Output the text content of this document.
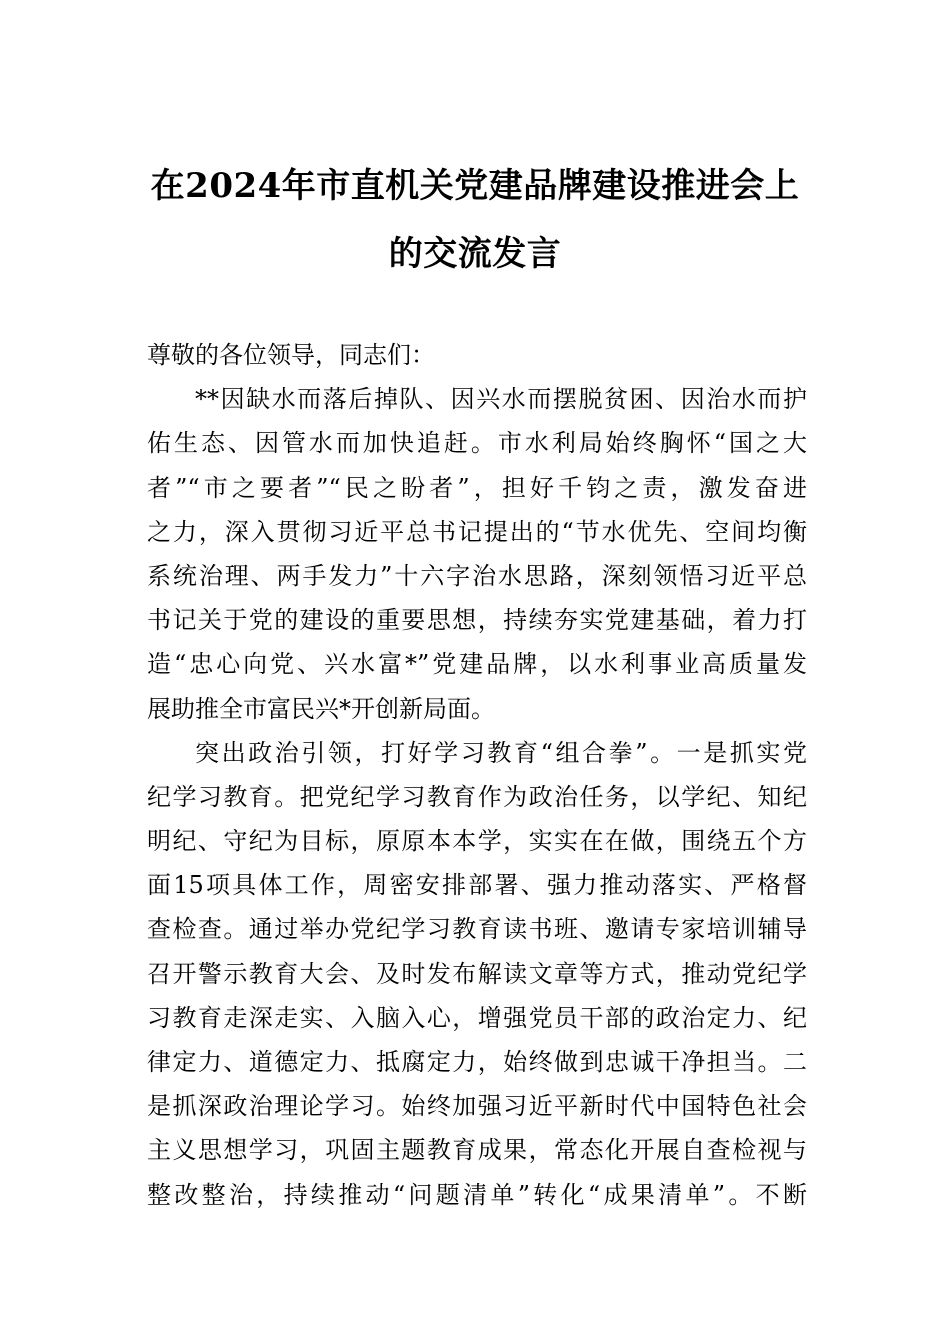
在2024年市直机关党建品牌建设推进会上
的交流发言
尊敬的各位领导，同志们：
**因缺水而落后掉队、因兴水而摆脱贫困、因治水而护
佑生态、因管水而加快追赶。市水利局始终胸怀“国之大
者”“市之要者”“民之盼者”，担好千钧之责，激发奋进
之力，深入贯彻习近平总书记提出的“节水优先、空间均衡
系统治理、两手发力”十六字治水思路，深刻领悟习近平总
书记关于党的建设的重要思想，持续夯实党建基础，着力打
造“忠心向党、兴水富*”党建品牌，以水利事业高质量发
展助推全市富民兴*开创新局面。
突出政治引领，打好学习教育“组合拳”。一是抓实党
纪学习教育。把党纪学习教育作为政治任务，以学纪、知纪
明纪、守纪为目标，原原本本学，实实在在做，围绕五个方
面15项具体工作，周密安排部署、强力推动落实、严格督
查检查。通过举办党纪学习教育读书班、邀请专家培训辅导
召开警示教育大会、及时发布解读文章等方式，推动党纪学
习教育走深走实、入脑入心，增强党员干部的政治定力、纪
律定力、道德定力、抵腐定力，始终做到忠诚干净担当。二
是抓深政治理论学习。始终加强习近平新时代中国特色社会
主义思想学习，巩固主题教育成果，常态化开展自查检视与
整改整治，持续推动“问题清单”转化“成果清单”。不断
